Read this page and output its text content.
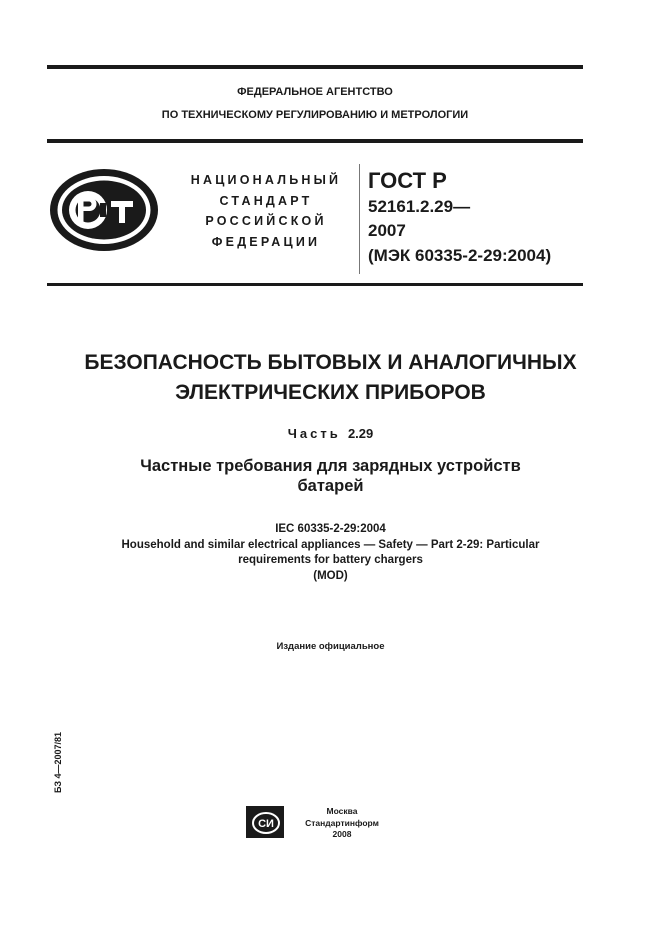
ФЕДЕРАЛЬНОЕ АГЕНТСТВО
ПО ТЕХНИЧЕСКОМУ РЕГУЛИРОВАНИЮ И МЕТРОЛОГИИ
НАЦИОНАЛЬНЫЙ
СТАНДАРТ
РОССИЙСКОЙ
ФЕДЕРАЦИИ
ГОСТ Р
52161.2.29—
2007
(МЭК 60335-2-29:2004)
БЕЗОПАСНОСТЬ БЫТОВЫХ И АНАЛОГИЧНЫХ
ЭЛЕКТРИЧЕСКИХ ПРИБОРОВ
Часть 2.29
Частные требования для зарядных устройств
батарей
IEC 60335-2-29:2004
Household and similar electrical appliances — Safety — Part 2-29: Particular
requirements for battery chargers
(MOD)
Издание официальное
БЗ 4—2007/81
СИ
Москва
Стандартинформ
2008
